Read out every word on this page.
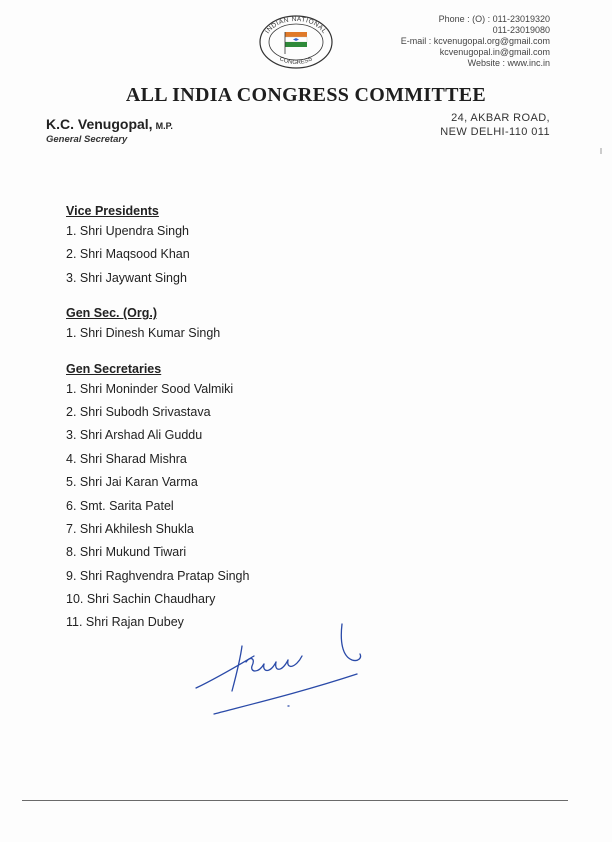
INDIAN NATIONAL
CONGRESS
Phone : (O) : 011-23019320
011-23019080
E-mail : kcvenugopal.org@gmail.com
kcvenugopal.in@gmail.com
Website : www.inc.in
ALL INDIA CONGRESS COMMITTEE
K.C. Venugopal, M.P.
General Secretary
24, AKBAR ROAD,
NEW DELHI-110 011
Vice Presidents
1. Shri Upendra Singh
2. Shri Maqsood Khan
3. Shri Jaywant Singh
Gen Sec. (Org.)
1. Shri Dinesh Kumar Singh
Gen Secretaries
1. Shri Moninder Sood Valmiki
2. Shri Subodh Srivastava
3. Shri Arshad Ali Guddu
4. Shri Sharad Mishra
5. Shri Jai Karan Varma
6. Smt. Sarita Patel
7. Shri Akhilesh Shukla
8. Shri Mukund Tiwari
9. Shri Raghvendra Pratap Singh
10. Shri Sachin Chaudhary
11. Shri Rajan Dubey
